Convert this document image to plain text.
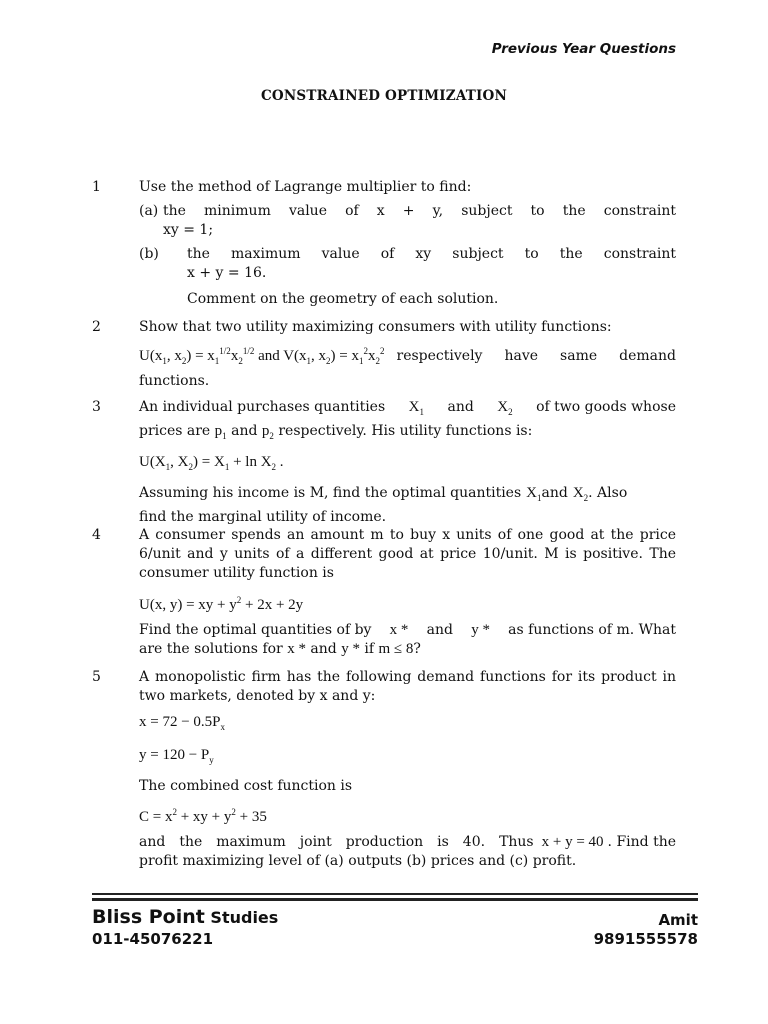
Previous Year Questions
CONSTRAINED OPTIMIZATION
1	Use the method of Lagrange multiplier to find:

(a) the minimum value of x + y, subject to the constraint
xy = 1;
(b) the maximum value of xy subject to the constraint
x + y = 16.
Comment on the geometry of each solution.
2	Show that two utility maximizing consumers with utility functions:

$U(x_1$, $x_2) = x_1^{1/2}x_2^{1/2}$ and $V(x_1$, $x_2) = x_1^2x_2^2$ respectively have same demand
functions.
3	An individual purchases quantities $X_1$ and $X_2$ of two goods whose
prices are $p_1$ and $p_2$ respectively. His utility functions is:
$U(X_1$, $X_2) = X_1 + \ln X_2$ .
Assuming his income is M, find the optimal quantities $X_1$ and $X_2$ . Also
find the marginal utility of income.
4	A consumer spends an amount m to buy x units of one good at the price 6/unit and y units of a different good at price 10/unit. M is positive. The consumer utility function is

U(x, y) = xy + $y^2 + 2x + 2y$
Find the optimal quantities of by x * and y * as functions of m. What
are the solutions for x * and y * if m ≤ 8?
5	A monopolistic firm has the following demand functions for its product in two markets, denoted by x and y:

$x = 72 - 0.5P_x$
$y = 120 - P_y$
The combined cost function is
$C = x^2$ + xy + $y^2 + 35$
and the maximum joint production is 40. Thus x + y = 40 . Find the
profit maximizing level of (a) outputs (b) prices and (c) profit.
Bliss Point Studies
011-45076221
Amit
9891555578
